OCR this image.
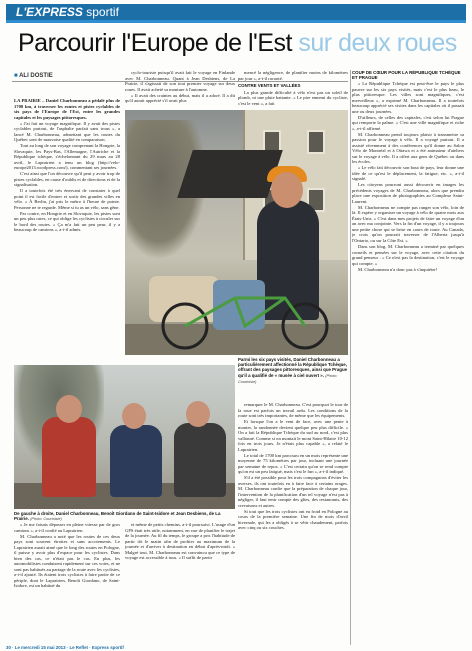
L'EXPRESS sportif
Parcourir l'Europe de l'Est sur deux roues
■ ALI DOSTIE

LA PRAIRIE – Daniel Charbonneau a pédalé plus de 1700 km, à traverser les routes et pistes cyclables de six pays de l'Europe de l'Est, entre les grandes capitales et les paysages pittoresques.

« J'ai fait un voyage magnifique. Il y avait des pistes cyclables partout, de l'asphalte parfait sans trous », a lancé M. Charbonneau, admettant que les routes du Québec sont de mauvaise qualité en comparaison.

Tout au long de son voyage comprenant la Hongrie, la Slovaquie, les Pays-Bas, l'Allemagne, l'Autriche et la République tchèque, s'échelonnant du 29 mars au 28 avril, le Laprairien a tenu un blog (http://velo-europe2013.wordpress.com/), commentant ses journées.

C'est ainsi que l'on découvre qu'il peut y avoir trop de pistes cyclables, en cause d'oublis et de directions et de la signalisation.

Il a toutefois été très énervant de constater à quel point il est facile d'entrer et sortir des grandes villes en vélo. « À Berlin, j'ai pris le métro à l'heure de pointe. Personne ne te regarde. Même si tu as un vélo, sans gêne.

Par contre, en Hongrie et en Slovaquie, les pistes sont un peu plus rares, ce qui oblige les cyclistes à circuler sur le bord des routes. « Ça m'a fait un peu peur, il y a beaucoup de camions », a-t-il admis.

cyclo-touriste puisqu'il avait fait le voyage en Finlande avec M. Charbonneau. Quant à Jean Desbiens, de La Prairie, il s'agissait de son tout premier voyage sur deux roues. Il avait acheté sa monture à l'automne.

« Il avait des craintes au début, mais il a adoré. Il a dit qu'il aurait apprécié s'il avait plus

mencé la négligence, de planifier moins de kilomètres par jour », a-t-il raconté.

CONTRE VENTS ET VALLÉES

La plus grande difficulté à vélo n'est pas un soleil de plomb, ni une pluie battante. « Le pire ennemi du cycliste, c'est le vent », a fait

COUP DE CŒUR POUR LA RÉPUBLIQUE TCHÈQUE ET PRAGUE

« La République Tchèque est peut-être le pays le plus pauvre sur les six pays visités, mais c'est le plus beau, le plus pittoresque. Les villes sont magnifiques, c'est merveilleux », a exprimé M. Charbonneau. Il a toutefois beaucoup apprécié ses visites dans les capitales où il passait une ou deux journées.

D'ailleurs, de celles des capitales, c'est selon lui Prague qui remporte la palme. « C'est une ville magnifique et riche », a-t-il affirmé.

M. Charbonneau prend toujours plaisir à transmettre sa passion pour le voyage à vélo. Il a voyagé partout. Il a assisté récemment à des conférences qu'il donne au Salon Vélo de Montréal et à Ottawa et a été animateur d'ateliers sur le voyage à vélo. Il a offert aux gens de Québec ou dans les écoles.

« Le vélo fait découvrir son bout de pays, leur donne une idée de ce qu'est le déplacement, la fatigue, etc. », a-t-il signalé.

Les citoyens pourront aussi découvrir en images les précédents voyages de M. Charbonneau, alors que prendra place une exposition de photographies au Complexe Saint-Laurent.

M. Charbonneau ne compte pas ranger son vélo, loin de là. Il espère y organiser un voyage à vélo de quatre mois aux États-Unis. « C'est dans mes projets de faire un voyage d'un an avec ma conjointe. Vers la fin d'un voyage, il y a toujours une petite chose qui se brise en cours de route. Au Canada, je crois qu'on pourrait traverser de l'Alberta jusqu'à l'Ontario, ou sur la Côte Est. »

Dans son blog, M. Charbonneau a terminé par quelques conseils et pensées sur le voyage, avec cette citation du grand penseur : « Ce n'est pas la destination, c'est le voyage qui compte. »

M. Charbonneau n'a donc pas à s'inquiéter!

Parmi les six pays visités, Daniel Charbonneau a particulièrement affectionné la République Tchèque, offrant des paysages pittoresques, ainsi que Prague qu'il a qualifié de « musée à ciel ouvert ». (Photo: Courtoisie)

remarquer le M. Charbonneau. C'est pourquoi le tour de la roue est parfois un travail ardu. Les conditions de la route sont très importantes, de même que les équipements.

Et lorsque l'on a le vent de face, avec une pente à monter, la randonnée devient quelque peu plus difficile. « On a fait la République Tchèque du sud au nord, c'est plus vallonné. Comme si on montait le mont Saint-Hilaire 10-12 fois en trois jours. Je n'étais plus capable », a relaté le Laprairien.

Le total de 1700 km parcouru en un mois représente une moyenne de 75 kilomètres par jour, incluant une journée par semaine de repos. « C'est certain qu'on se rend compte qu'on est un peu fatigué, mais c'est le fun », a-t-il indiqué.

S'il a été possible pour les trois compagnons d'éviter les averses, ils ont toutefois eu à faire face à certains orages. M. Charbonneau confie que la préparation de chaque jour, l'intervention de la planification d'un tel voyage n'est pas à négliger, il faut tenir compte des gîtes, des restaurants, des crevaisons et autres.

Si tout que les trois cyclistes ont eu froid en Pologne au cours de la première semaine. Une fin de mois d'avril hivernale, qui les a obligés à se vêtir chaudement, parfois avec cinq ou six couches.

De gauche à droite, Daniel Charbonneau, Benoît Giordano de Saint-Isidore et Jean Desbiens, de La Prairie. (Photo: Courtoisie)

« Je me faisais dépasser en pleine vitesse par de gros camions », a-t-il confié au Laprairien.

M. Charbonneau a noté que les routes de ces deux pays sont souvent étroites et sans accotements. Le Laprairien aurait aimé que le long des routes en Pologne, il puisse y avoir plus d'espace pour les cyclistes. Dans bien des cas, ce n'était pas le cas. En plus, les automobilistes conduisent rapidement sur ces voies, et ne sont pas habitués au partage de la route avec les cyclistes, a-t-il ajouté. Ils étaient trois cyclistes à faire partie de ce périple, dont le Laprairien, Benoît Giordano, de Saint-Isidore, est un habitué du

et même de petits chemins, a-t-il poursuivi. L'usage d'un GPS était très utile, notamment, en vue de planifier le trajet de la journée. Au fil du temps, le groupe a pris l'habitude de partir tôt le matin afin de profiter au maximum de la journée et d'arriver à destination en début d'après-midi. « Malgré tout, M. Charbonneau est convaincu que ce type de voyage est accessible à tous. « Il suffit de partir

30 · Le mercredi 15 mai 2013 · Le Reflet · Express sportif
